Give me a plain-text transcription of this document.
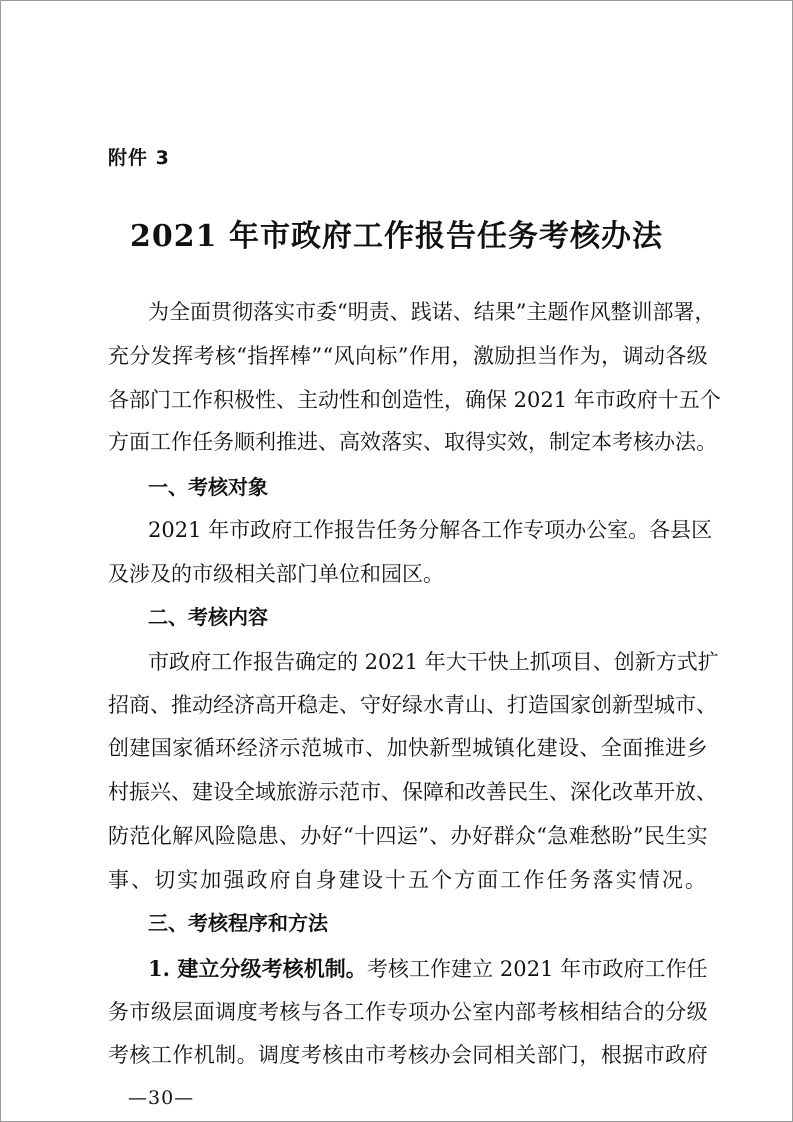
附件 3
2021 年市政府工作报告任务考核办法
为全面贯彻落实市委“明责、践诺、结果”主题作风整训部署，
充分发挥考核“指挥棒”“风向标”作用，激励担当作为，调动各级
各部门工作积极性、主动性和创造性，确保 2021 年市政府十五个
方面工作任务顺利推进、高效落实、取得实效，制定本考核办法。
一、考核对象
2021 年市政府工作报告任务分解各工作专项办公室。各县区
及涉及的市级相关部门单位和园区。
二、考核内容
市政府工作报告确定的 2021 年大干快上抓项目、创新方式扩
招商、推动经济高开稳走、守好绿水青山、打造国家创新型城市、
创建国家循环经济示范城市、加快新型城镇化建设、全面推进乡
村振兴、建设全域旅游示范市、保障和改善民生、深化改革开放、
防范化解风险隐患、办好“十四运”、办好群众“急难愁盼”民生实
事、切实加强政府自身建设十五个方面工作任务落实情况。
三、考核程序和方法
1. 建立分级考核机制。考核工作建立 2021 年市政府工作任
务市级层面调度考核与各工作专项办公室内部考核相结合的分级
考核工作机制。调度考核由市考核办会同相关部门，根据市政府
—30—
